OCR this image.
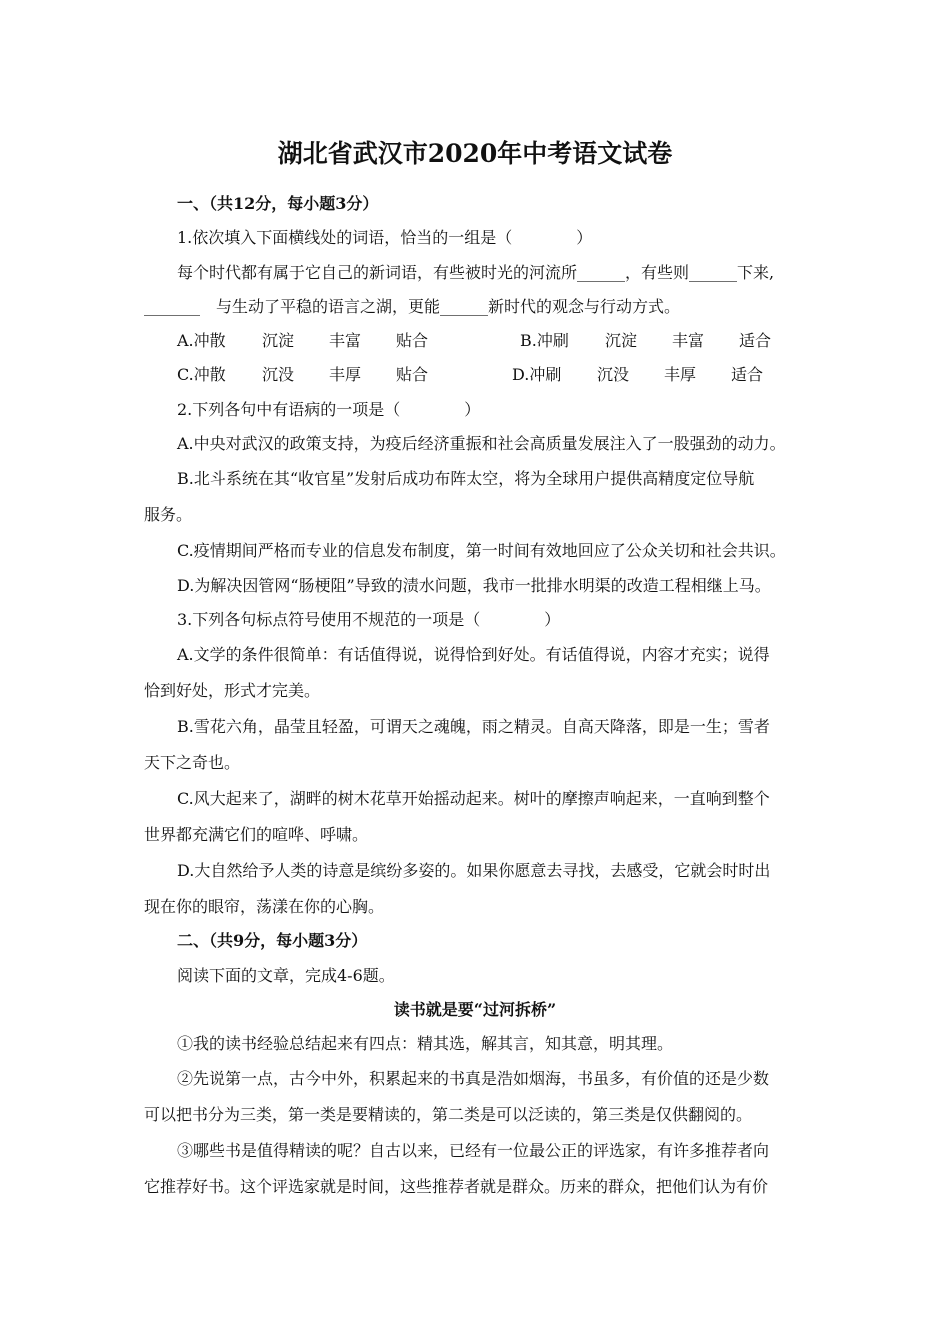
湖北省武汉市2020年中考语文试卷
一、（共12分，每小题3分）
1.依次填入下面横线处的词语，恰当的一组是（　　　　）
每个时代都有属于它自己的新词语，有些被时光的河流所______，有些则______下来,
_______　与生动了平稳的语言之湖，更能______新时代的观念与行动方式。
A.冲散 沉淀 丰富 贴合	B.冲刷 沉淀 丰富 适合
C.冲散 沉没 丰厚 贴合	D.冲刷 沉没 丰厚 适合
2.下列各句中有语病的一项是（　　　　）
A.中央对武汉的政策支持，为疫后经济重振和社会高质量发展注入了一股强劲的动力。
B.北斗系统在其“收官星”发射后成功布阵太空，将为全球用户提供高精度定位导航
服务。
C.疫情期间严格而专业的信息发布制度，第一时间有效地回应了公众关切和社会共识。
D.为解决因管网“肠梗阻”导致的渍水问题，我市一批排水明渠的改造工程相继上马。
3.下列各句标点符号使用不规范的一项是（　　　　）
A.文学的条件很简单：有话值得说，说得恰到好处。有话值得说，内容才充实；说得
恰到好处，形式才完美。
B.雪花六角，晶莹且轻盈，可谓天之魂魄，雨之精灵。自高天降落，即是一生；雪者
天下之奇也。
C.风大起来了，湖畔的树木花草开始摇动起来。树叶的摩擦声响起来，一直响到整个
世界都充满它们的喧哗、呼啸。
D.大自然给予人类的诗意是缤纷多姿的。如果你愿意去寻找，去感受，它就会时时出
现在你的眼帘，荡漾在你的心胸。
二、（共9分，每小题3分）
阅读下面的文章，完成4-6题。
读书就是要“过河拆桥”
①我的读书经验总结起来有四点：精其选，解其言，知其意，明其理。
②先说第一点，古今中外，积累起来的书真是浩如烟海，书虽多，有价值的还是少数
可以把书分为三类，第一类是要精读的，第二类是可以泛读的，第三类是仅供翻阅的。
③哪些书是值得精读的呢？自古以来，已经有一位最公正的评选家，有许多推荐者向
它推荐好书。这个评选家就是时间，这些推荐者就是群众。历来的群众，把他们认为有价
